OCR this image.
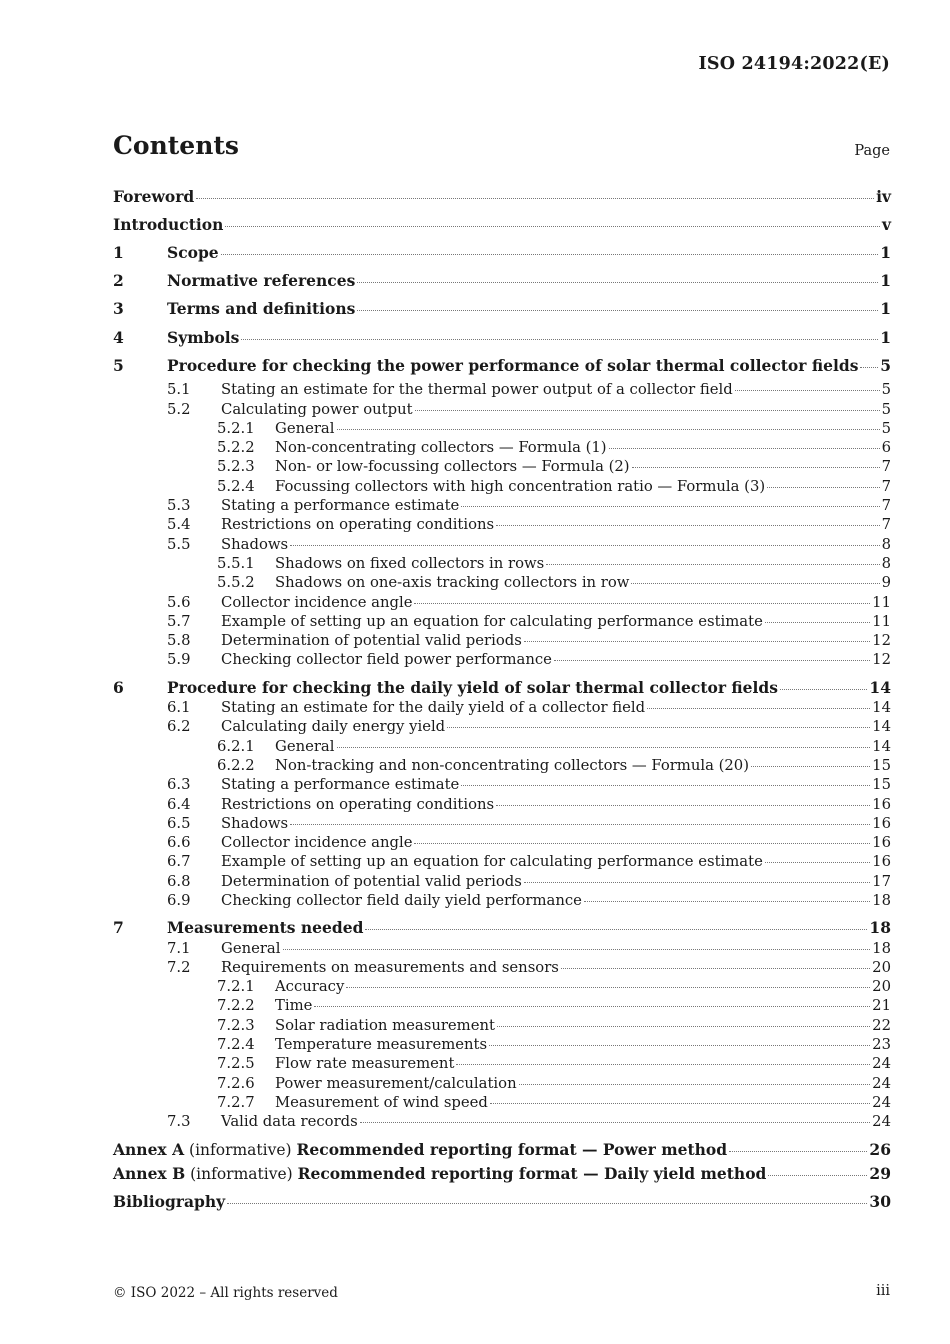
ISO 24194:2022(E)
Contents	Page
Foreword	iv
Introduction	v
1	Scope	1
2	Normative references	1
3	Terms and definitions	1
4	Symbols	1
5	Procedure for checking the power performance of solar thermal collector fields 5
5.1	Stating an estimate for the thermal power output of a collector field	5
5.2	Calculating power output	5
5.2.1	General	5
5.2.2	Non-concentrating collectors — Formula (1)	6
5.2.3	Non- or low-focussing collectors — Formula (2)	7
5.2.4	Focussing collectors with high concentration ratio — Formula (3)	7
5.3	Stating a performance estimate	7
5.4	Restrictions on operating conditions	7
5.5	Shadows	8
5.5.1	Shadows on fixed collectors in rows	8
5.5.2	Shadows on one-axis tracking collectors in row	9
5.6	Collector incidence angle	11
5.7	Example of setting up an equation for calculating performance estimate	11
5.8	Determination of potential valid periods	12
5.9	Checking collector field power performance	12
6	Procedure for checking the daily yield of solar thermal collector fields	14
6.1	Stating an estimate for the daily yield of a collector field	14
6.2	Calculating daily energy yield	14
6.2.1	General	14
6.2.2	Non-tracking and non-concentrating collectors — Formula (20)	15
6.3	Stating a performance estimate	15
6.4	Restrictions on operating conditions	16
6.5	Shadows	16
6.6	Collector incidence angle	16
6.7	Example of setting up an equation for calculating performance estimate	16
6.8	Determination of potential valid periods	17
6.9	Checking collector field daily yield performance	18
7	Measurements needed	18
7.1	General	18
7.2	Requirements on measurements and sensors	20
7.2.1	Accuracy	20
7.2.2	Time	21
7.2.3	Solar radiation measurement	22
7.2.4	Temperature measurements	23
7.2.5	Flow rate measurement	24
7.2.6	Power measurement/calculation	24
7.2.7	Measurement of wind speed	24
7.3	Valid data records	24
Annex A (informative) Recommended reporting format — Power method	26
Annex B (informative) Recommended reporting format — Daily yield method	29
Bibliography	30
© ISO 2022 – All rights reserved	iii
